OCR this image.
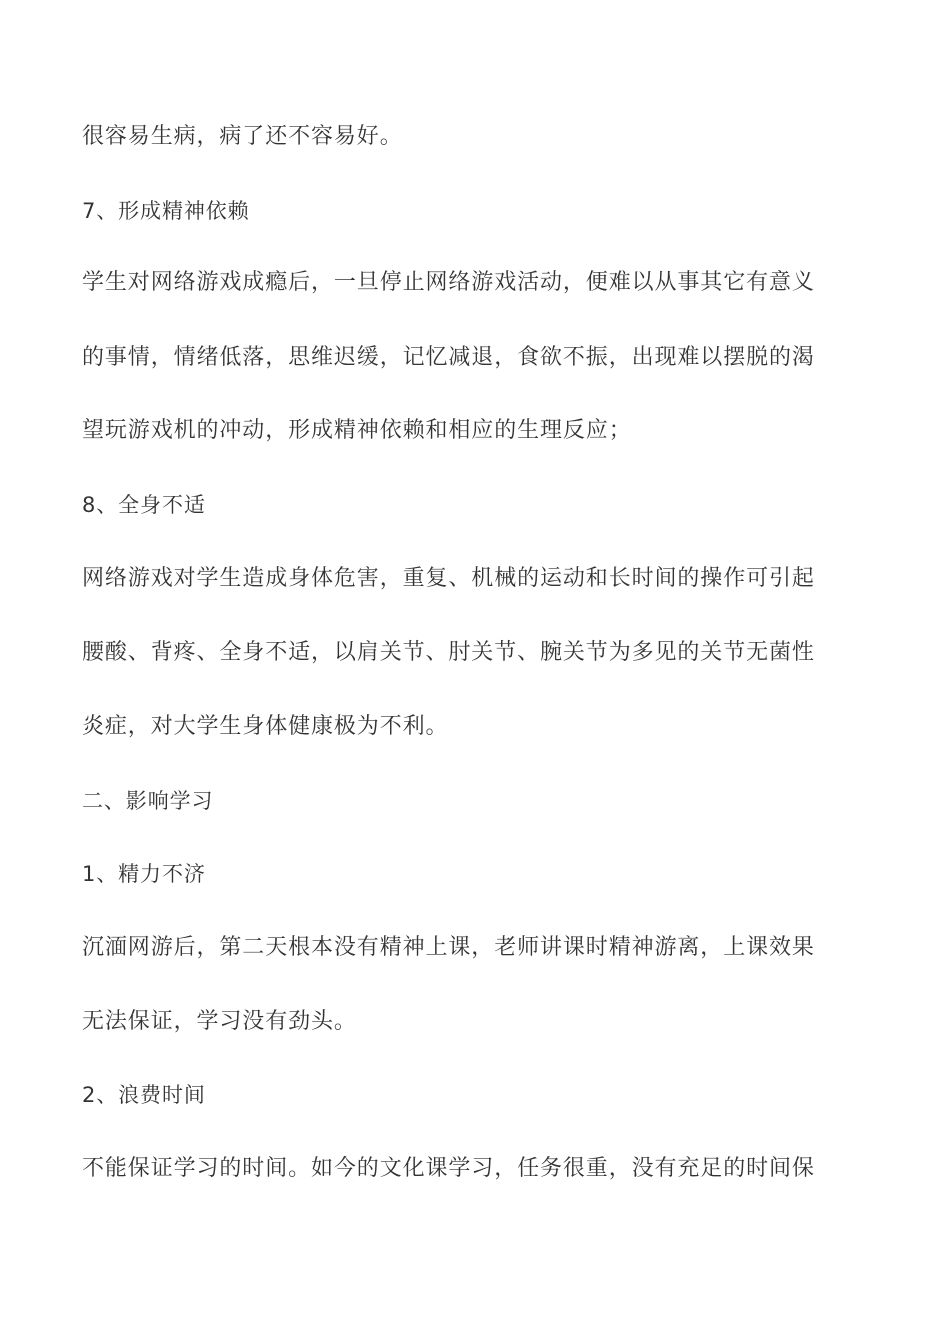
很容易生病，病了还不容易好。
7、形成精神依赖
学生对网络游戏成瘾后，一旦停止网络游戏活动，便难以从事其它有意义
的事情，情绪低落，思维迟缓，记忆减退，食欲不振，出现难以摆脱的渴
望玩游戏机的冲动，形成精神依赖和相应的生理反应；
8、全身不适
网络游戏对学生造成身体危害，重复、机械的运动和长时间的操作可引起
腰酸、背疼、全身不适，以肩关节、肘关节、腕关节为多见的关节无菌性
炎症，对大学生身体健康极为不利。
二、影响学习
1、精力不济
沉湎网游后，第二天根本没有精神上课，老师讲课时精神游离，上课效果
无法保证，学习没有劲头。
2、浪费时间
不能保证学习的时间。如今的文化课学习，任务很重，没有充足的时间保
